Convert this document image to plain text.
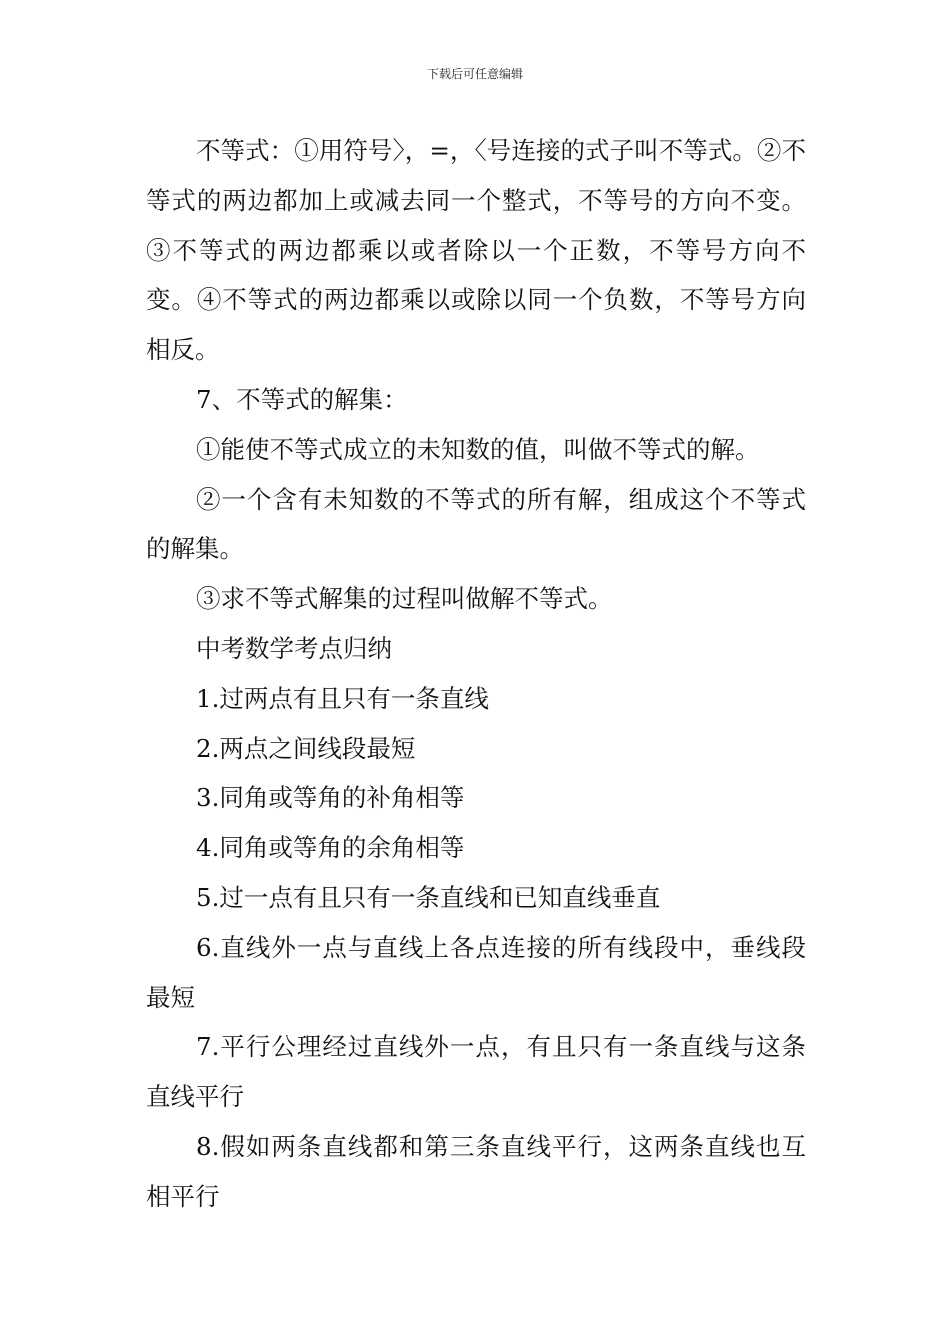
下载后可任意编辑

不等式：①用符号〉，=，〈号连接的式子叫不等式。②不等式的两边都加上或减去同一个整式，不等号的方向不变。③不等式的两边都乘以或者除以一个正数，不等号方向不变。④不等式的两边都乘以或除以同一个负数，不等号方向相反。

7、不等式的解集：

①能使不等式成立的未知数的值，叫做不等式的解。

②一个含有未知数的不等式的所有解，组成这个不等式的解集。

③求不等式解集的过程叫做解不等式。

中考数学考点归纳

1.过两点有且只有一条直线

2.两点之间线段最短

3.同角或等角的补角相等

4.同角或等角的余角相等

5.过一点有且只有一条直线和已知直线垂直

6.直线外一点与直线上各点连接的所有线段中，垂线段最短

7.平行公理经过直线外一点，有且只有一条直线与这条直线平行

8.假如两条直线都和第三条直线平行，这两条直线也互相平行
